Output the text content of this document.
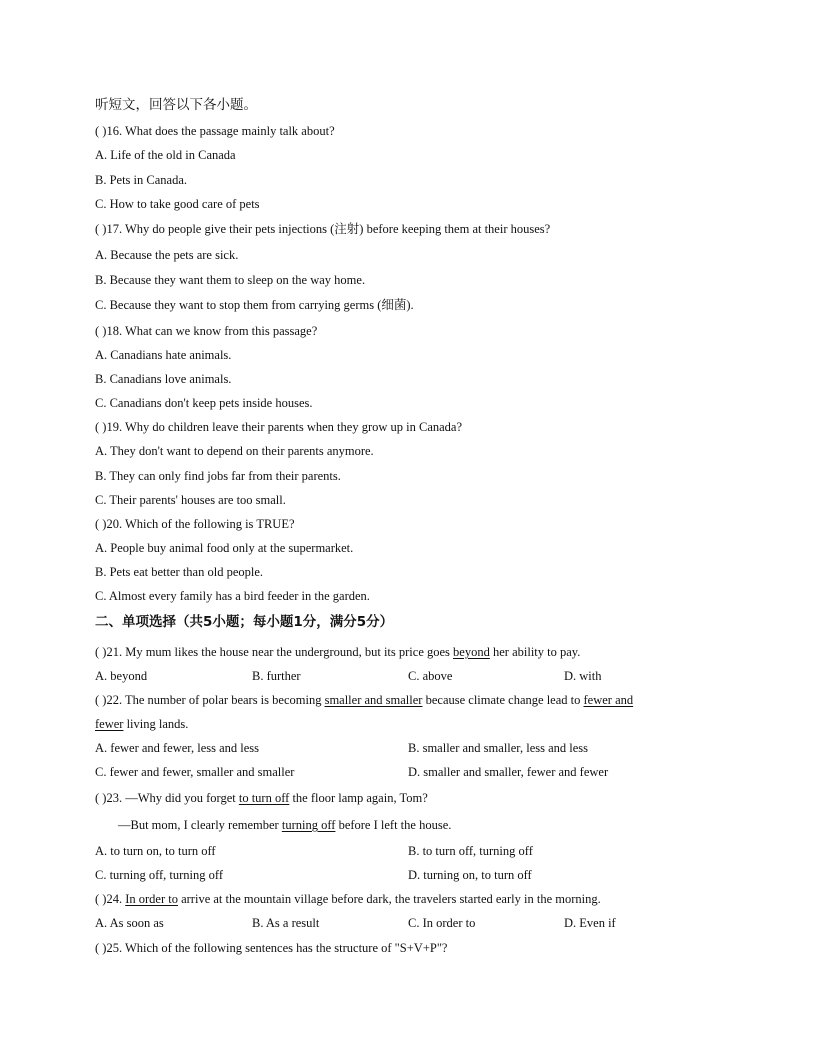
听短文，回答以下各小题。
( )16. What does the passage mainly talk about?
A. Life of the old in Canada
B. Pets in Canada.
C. How to take good care of pets
( )17. Why do people give their pets injections (注射) before keeping them at their houses?
A. Because the pets are sick.
B. Because they want them to sleep on the way home.
C. Because they want to stop them from carrying germs (细菌).
( )18. What can we know from this passage?
A. Canadians hate animals.
B. Canadians love animals.
C. Canadians don't keep pets inside houses.
( )19. Why do children leave their parents when they grow up in Canada?
A. They don't want to depend on their parents anymore.
B. They can only find jobs far from their parents.
C. Their parents' houses are too small.
( )20. Which of the following is TRUE?
A. People buy animal food only at the supermarket.
B. Pets eat better than old people.
C. Almost every family has a bird feeder in the garden.
二、单项选择（共5小题；每小题1分，满分5分）
( )21. My mum likes the house near the underground, but its price goes beyond her ability to pay.
A. beyond	B. further	C. above	D. with
( )22. The number of polar bears is becoming smaller and smaller because climate change lead to fewer and
fewer living lands.
A. fewer and fewer, less and less	B. smaller and smaller, less and less
C. fewer and fewer, smaller and smaller	D. smaller and smaller, fewer and fewer
( )23. —Why did you forget to turn off the floor lamp again, Tom?
—But mom, I clearly remember turning off before I left the house.
A. to turn on, to turn off	B. to turn off, turning off
C. turning off, turning off	D. turning on, to turn off
( )24. In order to arrive at the mountain village before dark, the travelers started early in the morning.
A. As soon as	B. As a result	C. In order to	D. Even if
( )25. Which of the following sentences has the structure of "S+V+P"?
